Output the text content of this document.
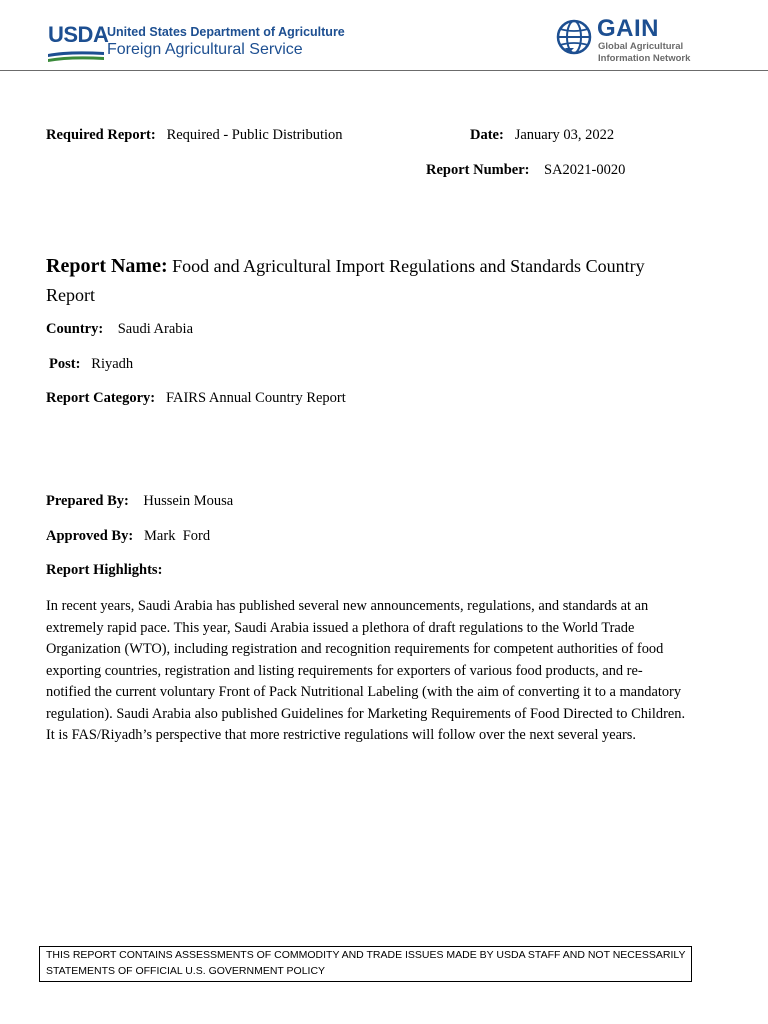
USDA
United States Department of Agriculture
Foreign Agricultural Service
GAIN
Global Agricultural
Information Network
Required Report: Required - Public Distribution	Date: January 03, 2022
Report Number: SA2021-0020
Report Name: Food and Agricultural Import Regulations and Standards Country Report
Country: Saudi Arabia
Post: Riyadh
Report Category: FAIRS Annual Country Report
Prepared By: Hussein Mousa
Approved By: Mark  Ford
Report Highlights:
In recent years, Saudi Arabia has published several new announcements, regulations, and standards at an extremely rapid pace. This year, Saudi Arabia issued a plethora of draft regulations to the World Trade Organization (WTO), including registration and recognition requirements for competent authorities of food exporting countries, registration and listing requirements for exporters of various food products, and re-notified the current voluntary Front of Pack Nutritional Labeling (with the aim of converting it to a mandatory regulation). Saudi Arabia also published Guidelines for Marketing Requirements of Food Directed to Children. It is FAS/Riyadh’s perspective that more restrictive regulations will follow over the next several years.
THIS REPORT CONTAINS ASSESSMENTS OF COMMODITY AND TRADE ISSUES MADE BY USDA STAFF AND NOT NECESSARILY STATEMENTS OF OFFICIAL U.S. GOVERNMENT POLICY
